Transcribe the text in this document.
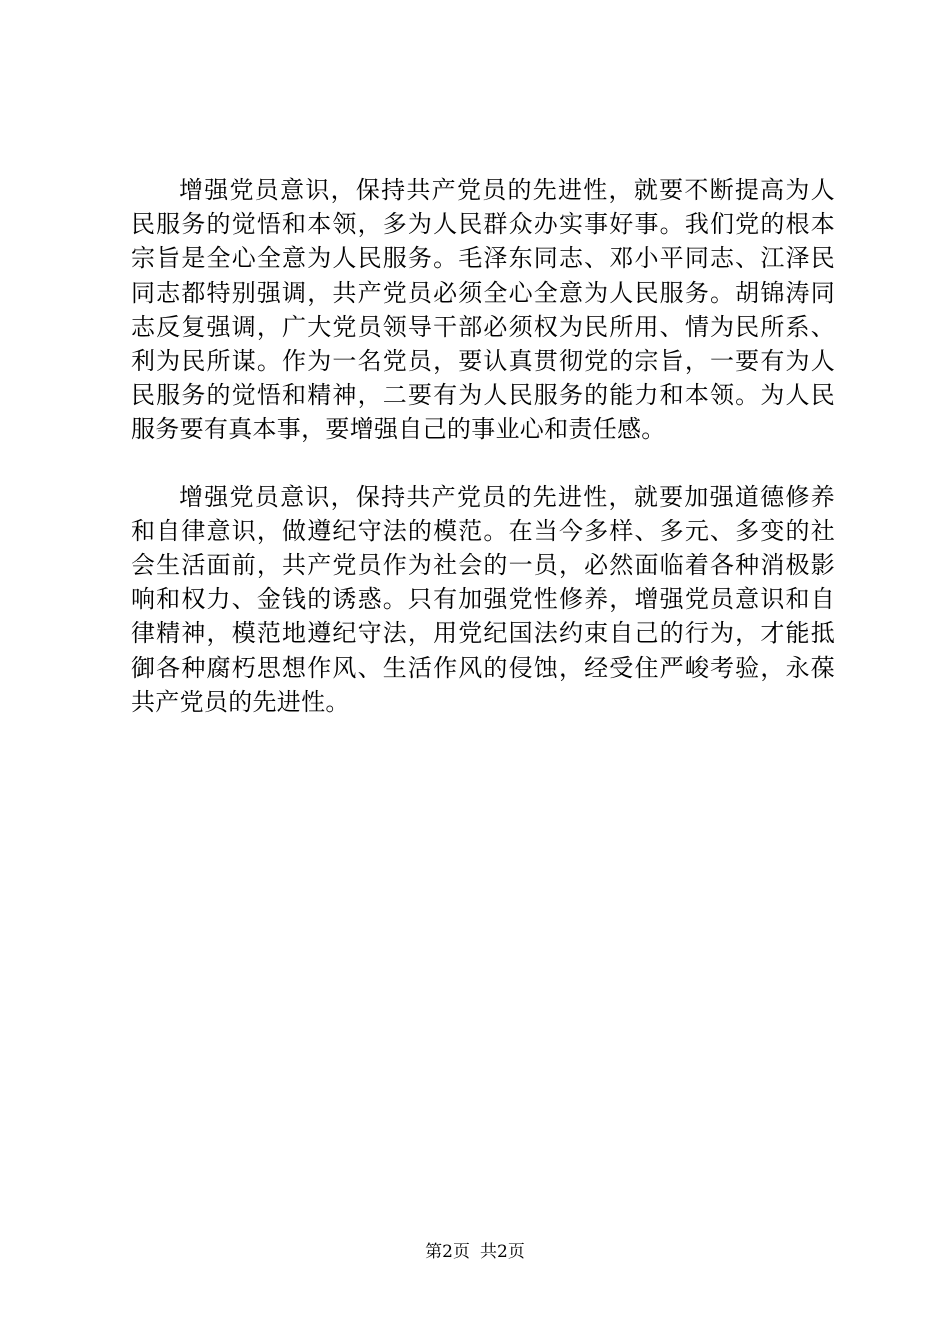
增强党员意识，保持共产党员的先进性，就要不断提高为人民服务的觉悟和本领，多为人民群众办实事好事。我们党的根本宗旨是全心全意为人民服务。毛泽东同志、邓小平同志、江泽民同志都特别强调，共产党员必须全心全意为人民服务。胡锦涛同志反复强调，广大党员领导干部必须权为民所用、情为民所系、利为民所谋。作为一名党员，要认真贯彻党的宗旨，一要有为人民服务的觉悟和精神，二要有为人民服务的能力和本领。为人民服务要有真本事，要增强自己的事业心和责任感。

增强党员意识，保持共产党员的先进性，就要加强道德修养和自律意识，做遵纪守法的模范。在当今多样、多元、多变的社会生活面前，共产党员作为社会的一员，必然面临着各种消极影响和权力、金钱的诱惑。只有加强党性修养，增强党员意识和自律精神，模范地遵纪守法，用党纪国法约束自己的行为，才能抵御各种腐朽思想作风、生活作风的侵蚀，经受住严峻考验，永葆共产党员的先进性。

第2页 共2页
